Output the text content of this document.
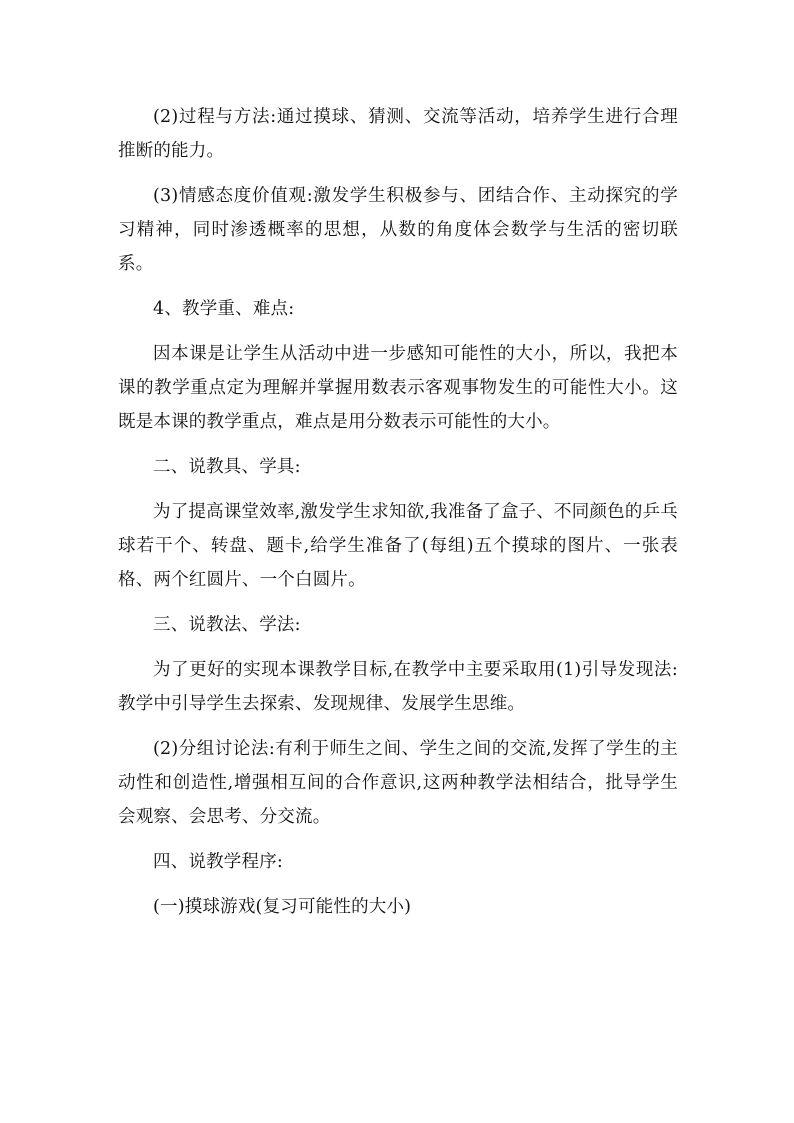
(2)过程与方法:通过摸球、猜测、交流等活动，培养学生进行合理推断的能力。

(3)情感态度价值观:激发学生积极参与、团结合作、主动探究的学习精神，同时渗透概率的思想，从数的角度体会数学与生活的密切联系。

4、教学重、难点:

因本课是让学生从活动中进一步感知可能性的大小，所以，我把本课的教学重点定为理解并掌握用数表示客观事物发生的可能性大小。这既是本课的教学重点，难点是用分数表示可能性的大小。

二、说教具、学具:

为了提高课堂效率,激发学生求知欲,我准备了盒子、不同颜色的乒乓球若干个、转盘、题卡,给学生准备了(每组)五个摸球的图片、一张表格、两个红圆片、一个白圆片。

三、说教法、学法:

为了更好的实现本课教学目标,在教学中主要采取用(1)引导发现法:教学中引导学生去探索、发现规律、发展学生思维。

(2)分组讨论法:有利于师生之间、学生之间的交流,发挥了学生的主动性和创造性,增强相互间的合作意识,这两种教学法相结合，批导学生会观察、会思考、分交流。

四、说教学程序:

(一)摸球游戏(复习可能性的大小)
